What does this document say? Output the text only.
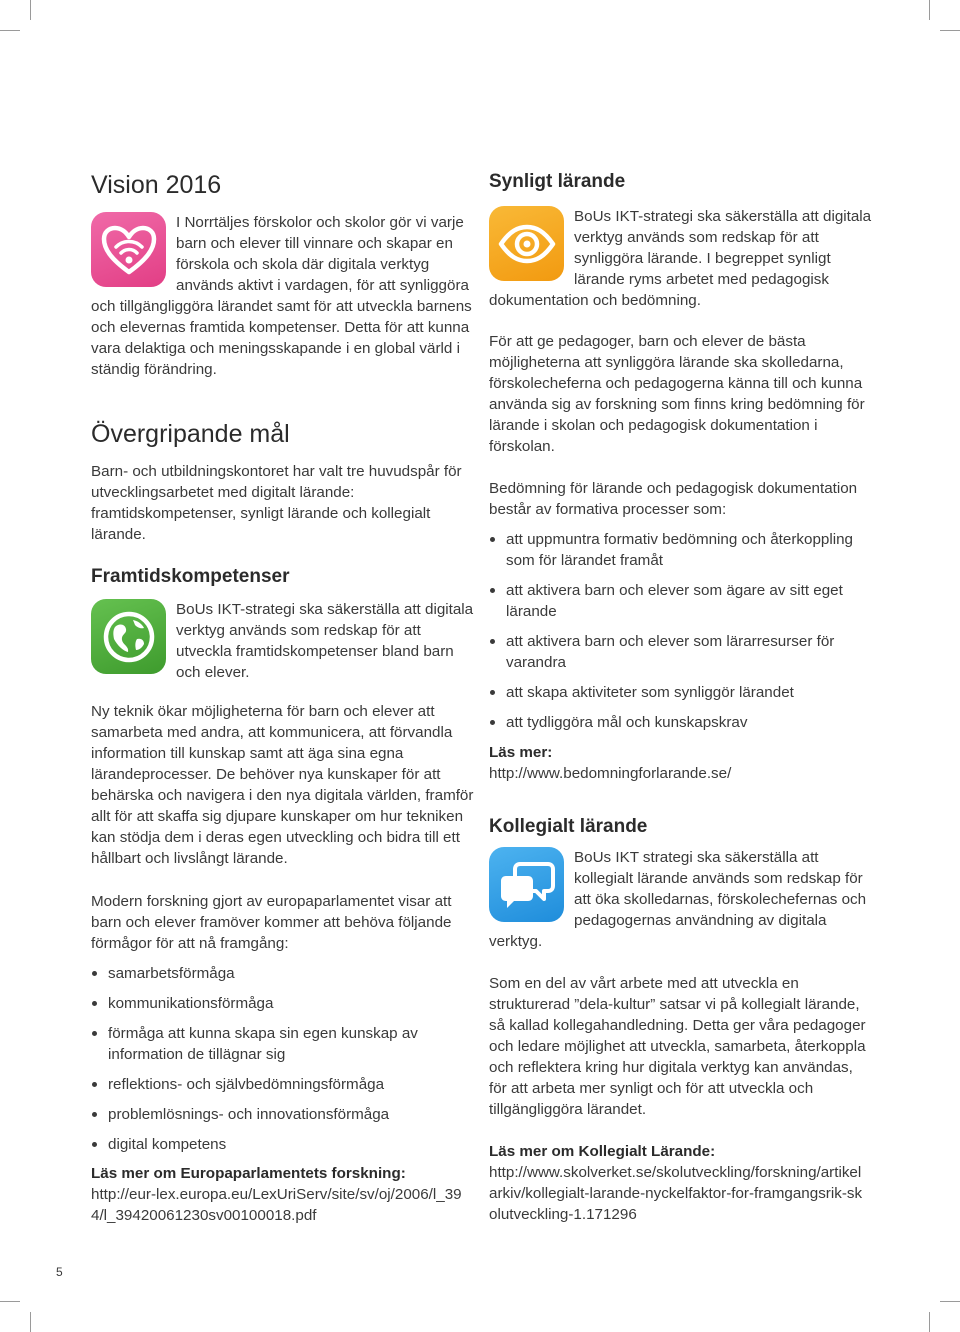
Vision 2016

I Norrtäljes förskolor och skolor gör vi varje barn och elever till vinnare och skapar en förskola och skola där digitala verktyg används aktivt i vardagen, för att synliggöra och tillgängliggöra lärandet samt för att utveckla barnens och elevernas framtida kompetenser. Detta för att kunna vara delaktiga och meningsskapande i en global värld i ständig förändring.

Övergripande mål

Barn- och utbildningskontoret har valt tre huvudspår för utvecklingsarbetet med digitalt lärande: framtidskompetenser, synligt lärande och kollegialt lärande.

Framtidskompetenser

BoUs IKT-strategi ska säkerställa att digitala verktyg används som redskap för att utveckla framtidskompetenser bland barn och elever.

Ny teknik ökar möjligheterna för barn och elever att samarbeta med andra, att kommunicera, att förvandla information till kunskap samt att äga sina egna lärandeprocesser. De behöver nya kunskaper för att behärska och navigera i den nya digitala världen, framför allt för att skaffa sig djupare kunskaper om hur tekniken kan stödja dem i deras egen utveckling och bidra till ett hållbart och livslångt lärande.

Modern forskning gjort av europaparlamentet visar att barn och elever framöver kommer att behöva följande förmågor för att nå framgång:

samarbetsförmåga
kommunikationsförmåga
förmåga att kunna skapa sin egen kunskap av information de tillägnar sig
reflektions- och självbedömningsförmåga
problemlösnings- och innovationsförmåga
digital kompetens
Läs mer om Europaparlamentets forskning:
http://eur-lex.europa.eu/LexUriServ/site/sv/oj/2006/l_394/l_39420061230sv00100018.pdf
Synligt lärande

BoUs IKT-strategi ska säkerställa att digitala verktyg används som redskap för att synliggöra lärande. I begreppet synligt lärande ryms arbetet med pedagogisk dokumentation och bedömning.

För att ge pedagoger, barn och elever de bästa möjligheterna att synliggöra lärande ska skolledarna, förskolecheferna och pedagogerna känna till och kunna använda sig av forskning som finns kring bedömning för lärande i skolan och pedagogisk dokumentation i förskolan.

Bedömning för lärande och pedagogisk dokumentation består av formativa processer som:

att uppmuntra formativ bedömning och återkoppling som för lärandet framåt
att aktivera barn och elever som ägare av sitt eget lärande
att aktivera barn och elever som lärarresurser för varandra
att skapa aktiviteter som synliggör lärandet
att tydliggöra mål och kunskapskrav
Läs mer:
http://www.bedomningforlarande.se/
Kollegialt lärande

BoUs IKT strategi ska säkerställa att kollegialt lärande används som redskap för att öka skolledarnas, förskolechefernas och pedagogernas användning av digitala verktyg.

Som en del av vårt arbete med att utveckla en strukturerad ”dela-kultur” satsar vi på kollegialt lärande, så kallad kollegahandledning. Detta ger våra pedagoger och ledare möjlighet att utveckla, samarbeta, återkoppla och reflektera kring hur digitala verktyg kan användas, för att arbeta mer synligt och för att utveckla och tillgängliggöra lärandet.

Läs mer om Kollegialt Lärande:
http://www.skolverket.se/skolutveckling/forskning/artikelarkiv/kollegialt-larande-nyckelfaktor-for-framgangsrik-skolutveckling-1.171296
5
